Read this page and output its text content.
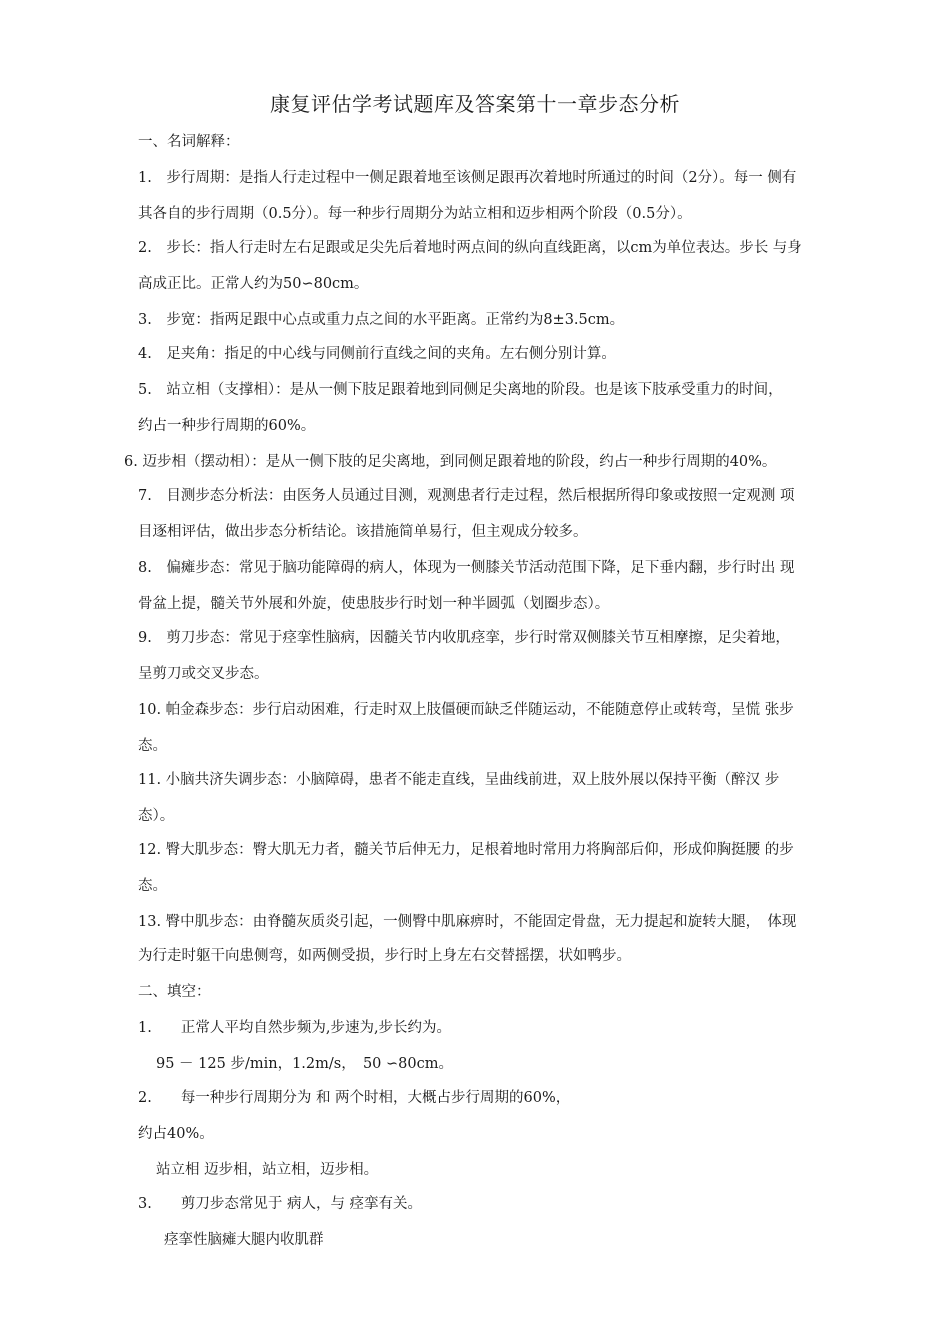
康复评估学考试题库及答案第十一章步态分析
一、名词解释：
1.　步行周期：是指人行走过程中一侧足跟着地至该侧足跟再次着地时所通过的时间（2分）。每一 侧有
其各自的步行周期（0.5分）。每一种步行周期分为站立相和迈步相两个阶段（0.5分）。
2.　步长：指人行走时左右足跟或足尖先后着地时两点间的纵向直线距离，以cm为单位表达。步长 与身
高成正比。正常人约为50∽80cm。
3.　步宽：指两足跟中心点或重力点之间的水平距离。正常约为8±3.5cm。
4.　足夹角：指足的中心线与同侧前行直线之间的夹角。左右侧分别计算。
5.　站立相（支撑相）：是从一侧下肢足跟着地到同侧足尖离地的阶段。也是该下肢承受重力的时间，
约占一种步行周期的60%。
6. 迈步相（摆动相）：是从一侧下肢的足尖离地，到同侧足跟着地的阶段，约占一种步行周期的40%。
7.　目测步态分析法：由医务人员通过目测，观测患者行走过程，然后根据所得印象或按照一定观测 项
目逐相评估，做出步态分析结论。该措施简单易行，但主观成分较多。
8.　偏瘫步态：常见于脑功能障碍的病人，体现为一侧膝关节活动范围下降，足下垂内翻，步行时出 现
骨盆上提，髓关节外展和外旋，使患肢步行时划一种半圆弧（划圈步态）。
9.　剪刀步态：常见于痉挛性脑病，因髓关节内收肌痉挛，步行时常双侧膝关节互相摩擦，足尖着地，
呈剪刀或交叉步态。
10. 帕金森步态：步行启动困难，行走时双上肢僵硬而缺乏伴随运动，不能随意停止或转弯，呈慌 张步
态。
11. 小脑共济失调步态：小脑障碍，患者不能走直线，呈曲线前进，双上肢外展以保持平衡（醉汉 步
态）。
12. 臀大肌步态：臀大肌无力者，髓关节后伸无力，足根着地时常用力将胸部后仰，形成仰胸挺腰 的步
态。
13. 臀中肌步态：由脊髓灰质炎引起，一侧臀中肌麻痹时，不能固定骨盘，无力提起和旋转大腿，　体现
为行走时躯干向患侧弯，如两侧受损，步行时上身左右交替摇摆，状如鸭步。
二、填空：
1.　　正常人平均自然步频为,步速为,步长约为。
95 － 125 步/min，1.2m/s，　50 ∽80cm。
2.　　每一种步行周期分为 和 两个时相，大概占步行周期的60%，
约占40%。
站立相 迈步相，站立相，迈步相。
3.　　剪刀步态常见于 病人，与 痉挛有关。
痉挛性脑瘫大腿内收肌群
